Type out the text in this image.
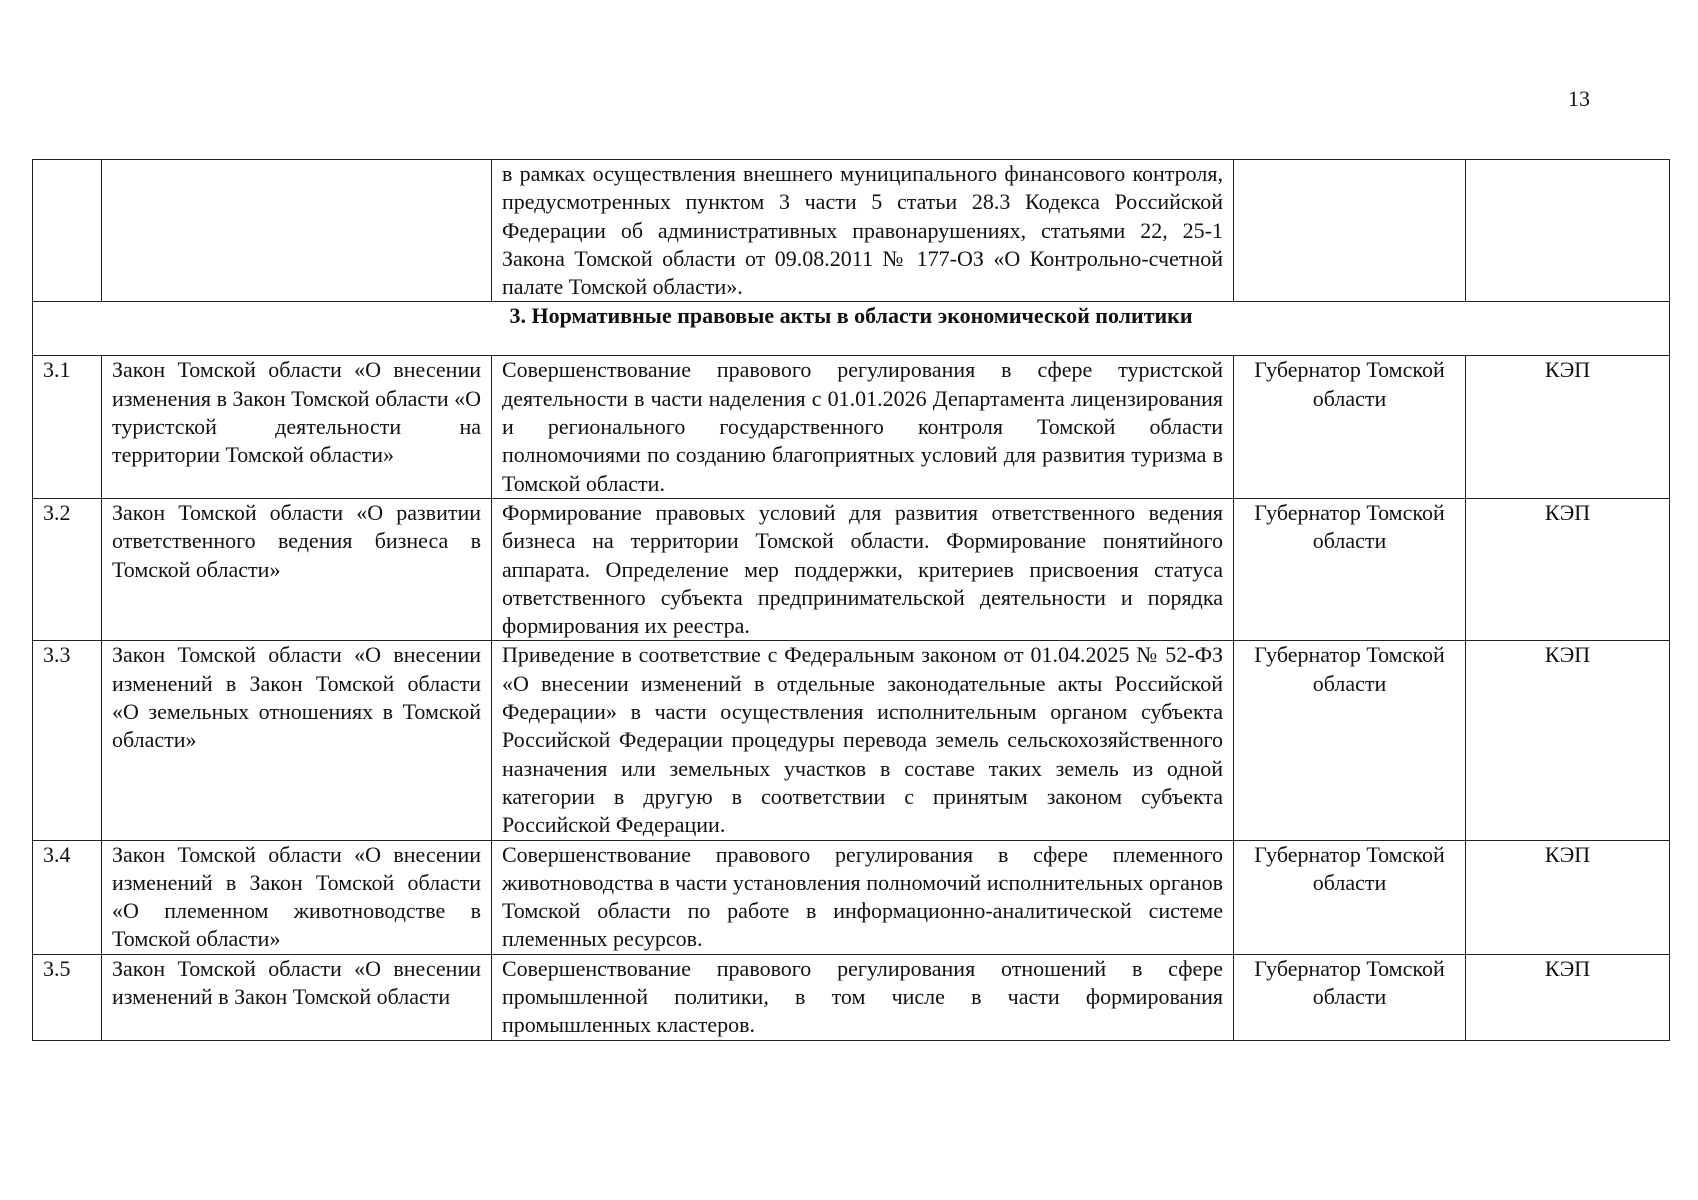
13
		в рамках осуществления внешнего муниципального финансового контроля, предусмотренных пунктом 3 части 5 статьи 28.3 Кодекса Российской Федерации об административных правонарушениях, статьями 22, 25-1 Закона Томской области от 09.08.2011 № 177-ОЗ «О Контрольно-счетной палате Томской области».		
3. Нормативные правовые акты в области экономической политики				
3.1	Закон Томской области «О внесении изменения в Закон Томской области «О туристской деятельности на территории Томской области»	Совершенствование правового регулирования в сфере туристской деятельности в части наделения с 01.01.2026 Департамента лицензирования и регионального государственного контроля Томской области полномочиями по созданию благоприятных условий для развития туризма в Томской области.	Губернатор Томской области	КЭП
3.2	Закон Томской области «О развитии ответственного ведения бизнеса в Томской области»	Формирование правовых условий для развития ответственного ведения бизнеса на территории Томской области. Формирование понятийного аппарата. Определение мер поддержки, критериев присвоения статуса ответственного субъекта предпринимательской деятельности и порядка формирования их реестра.	Губернатор Томской области	КЭП
3.3	Закон Томской области «О внесении изменений в Закон Томской области «О земельных отношениях в Томской области»	Приведение в соответствие с Федеральным законом от 01.04.2025 № 52-ФЗ «О внесении изменений в отдельные законодательные акты Российской Федерации» в части осуществления исполнительным органом субъекта Российской Федерации процедуры перевода земель сельскохозяйственного назначения или земельных участков в составе таких земель из одной категории в другую в соответствии с принятым законом субъекта Российской Федерации.	Губернатор Томской области	КЭП
3.4	Закон Томской области «О внесении изменений в Закон Томской области «О племенном животноводстве в Томской области»	Совершенствование правового регулирования в сфере племенного животноводства в части установления полномочий исполнительных органов Томской области по работе в информационно-аналитической системе племенных ресурсов.	Губернатор Томской области	КЭП
3.5	Закон Томской области «О внесении изменений в Закон Томской области	Совершенствование правового регулирования отношений в сфере промышленной политики, в том числе в части формирования промышленных кластеров.	Губернатор Томской области	КЭП
